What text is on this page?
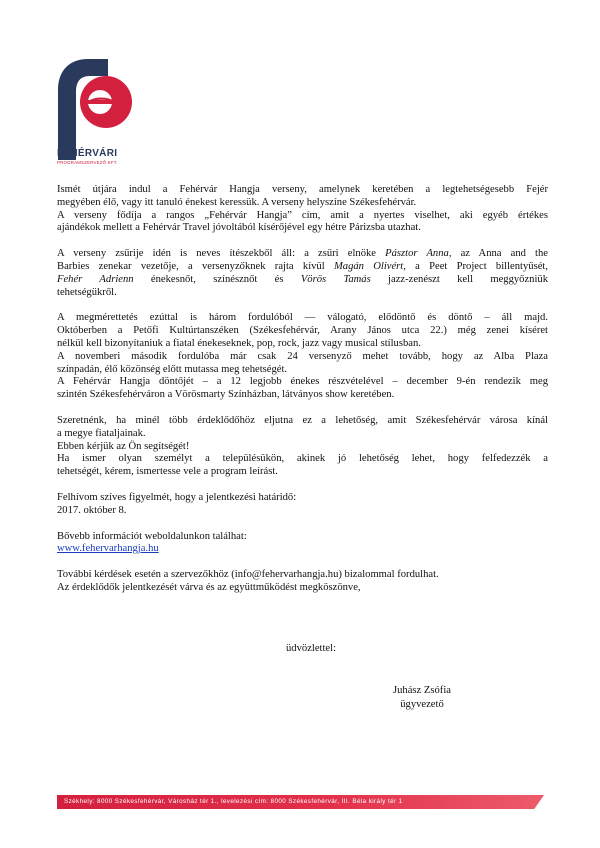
FEHÉRVÁRI
PROGRAMSZERVEZŐ KFT.

Ismét útjára indul a Fehérvár Hangja verseny, amelynek keretében a legtehetségesebb Fejér
megyében élő, vagy itt tanuló énekest keressük. A verseny helyszíne Székesfehérvár.
A verseny fődíja a rangos „Fehérvár Hangja” cím, amit a nyertes viselhet, aki egyéb értékes
ajándékok mellett a Fehérvár Travel jóvoltából kísérőjével egy hétre Párizsba utazhat.

A verseny zsűrije idén is neves ítészekből áll: a zsűri elnöke Pásztor Anna, az Anna and the
Barbies zenekar vezetője, a versenyzőknek rajta kívül Magán Olivért, a Peet Project billentyűsét,
Fehér Adrienn énekesnőt, színésznőt és Vörös Tamás jazz-zenészt kell meggyőzniük
tehetségükről.

A megmérettetés ezúttal is három fordulóból — válogató, elődöntő és döntő – áll majd.
Októberben a Petőfi Kultúrtanszéken (Székesfehérvár, Arany János utca 22.) még zenei kíséret
nélkül kell bizonyítaniuk a fiatal énekeseknek, pop, rock, jazz vagy musical stílusban.
A novemberi második fordulóba már csak 24 versenyző mehet tovább, hogy az Alba Plaza
színpadán, élő közönség előtt mutassa meg tehetségét.
A Fehérvár Hangja döntőjét – a 12 legjobb énekes részvételével – december 9-én rendezik meg
szintén Székesfehérváron a Vörösmarty Színházban, látványos show keretében.

Szeretnénk, ha minél több érdeklődőhöz eljutna ez a lehetőség, amit Székesfehérvár városa kínál
a megye fiataljainak.
Ebben kérjük az Ön segítségét!
Ha ismer olyan személyt a településükön, akinek jó lehetőség lehet, hogy felfedezzék a
tehetségét, kérem, ismertesse vele a program leírást.

Felhívom szíves figyelmét, hogy a jelentkezési határidő:
2017. október 8.

Bővebb információt weboldalunkon találhat:
www.fehervarhangja.hu

További kérdések esetén a szervezőkhöz (info@fehervarhangja.hu) bizalommal fordulhat.
Az érdeklődők jelentkezését várva és az együttműködést megköszönve,

üdvözlettel:
Juhász Zsófia
ügyvezető
Székhely: 8000 Székesfehérvár, Városház tér 1., levelezési cím: 8000 Székesfehérvár, III. Béla király tér 1
